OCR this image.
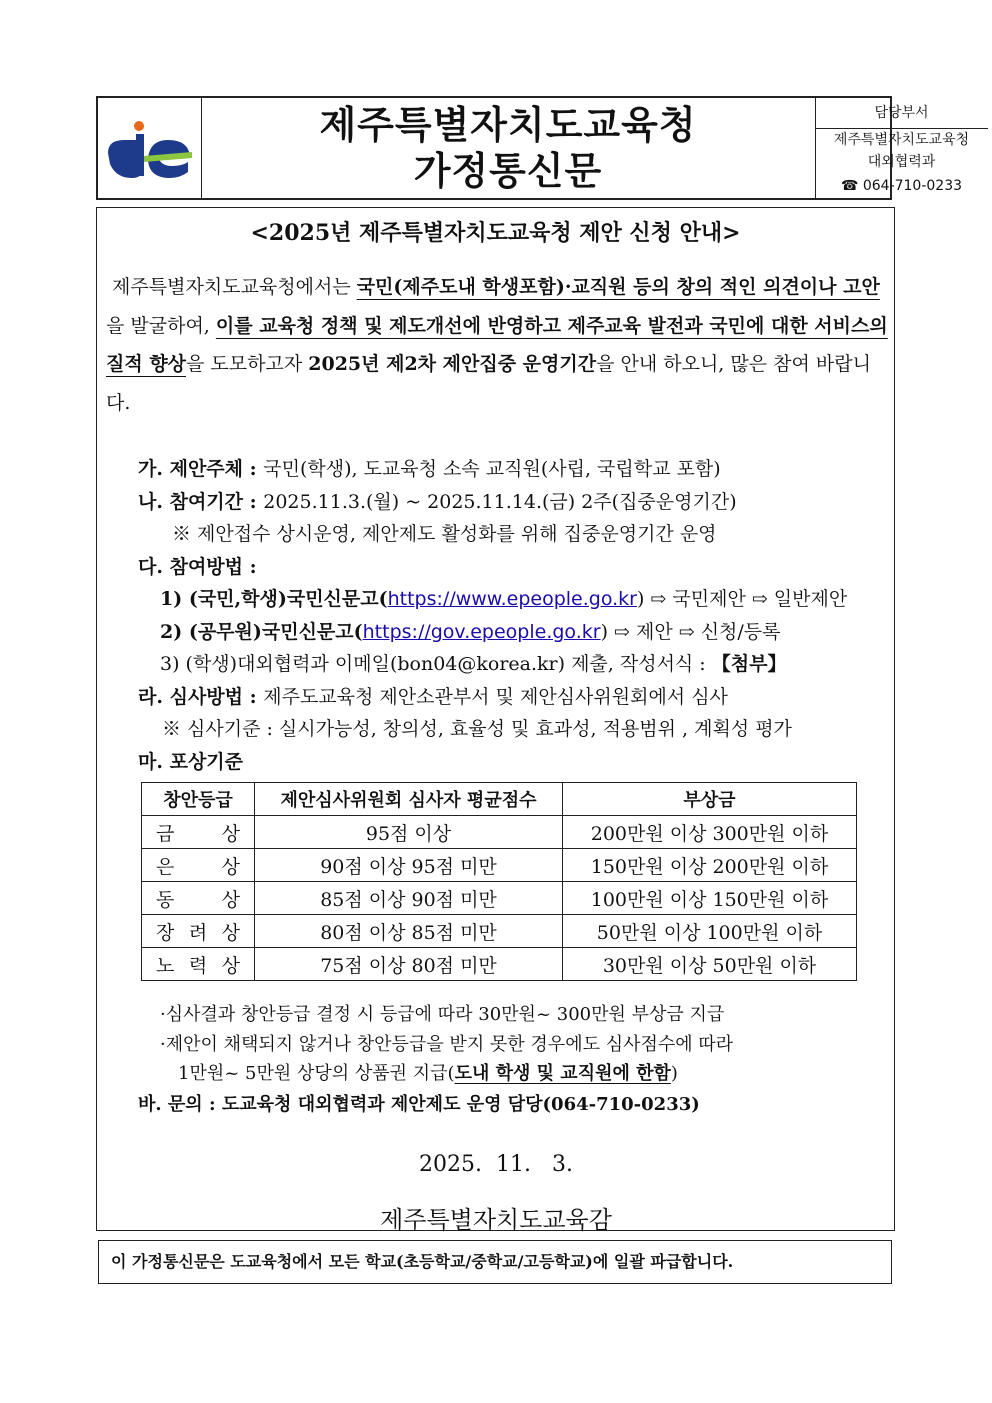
제주특별자치도교육청
가정통신문
담당부서
제주특별자치도교육청
대외협력과
☎ 064-710-0233
<2025년 제주특별자치도교육청 제안 신청 안내>
제주특별자치도교육청에서는 국민(제주도내 학생포함)·교직원 등의 창의 적인 의견이나 고안을 발굴하여, 이를 교육청 정책 및 제도개선에 반영하고 제주교육 발전과 국민에 대한 서비스의 질적 향상을 도모하고자 2025년 제2차 제안집중 운영기간을 안내 하오니, 많은 참여 바랍니다.
가. 제안주체 : 국민(학생), 도교육청 소속 교직원(사립, 국립학교 포함)
나. 참여기간 : 2025.11.3.(월) ~ 2025.11.14.(금) 2주(집중운영기간)
※ 제안접수 상시운영, 제안제도 활성화를 위해 집중운영기간 운영
다. 참여방법 :
1) (국민,학생)국민신문고(https://www.epeople.go.kr) ⇨ 국민제안 ⇨ 일반제안
2) (공무원)국민신문고(https://gov.epeople.go.kr) ⇨ 제안 ⇨ 신청/등록
3) (학생)대외협력과 이메일(bon04@korea.kr) 제출, 작성서식 : 【첨부】
라. 심사방법 : 제주도교육청 제안소관부서 및 제안심사위원회에서 심사
※ 심사기준 : 실시가능성, 창의성, 효율성 및 효과성, 적용범위 , 계획성 평가
마. 포상기준
창안등급	제안심사위원회 심사자 평균점수	부상금

금 상	95점 이상	200만원 이상 300만원 이하

은 상	90점 이상 95점 미만	150만원 이상 200만원 이하

동 상	85점 이상 90점 미만	100만원 이상 150만원 이하

장 려 상	80점 이상 85점 미만	50만원 이상 100만원 이하

노 력 상	75점 이상 80점 미만	30만원 이상 50만원 이하
·심사결과 창안등급 결정 시 등급에 따라 30만원~ 300만원 부상금 지급
·제안이 채택되지 않거나 창안등급을 받지 못한 경우에도 심사점수에 따라
1만원~ 5만원 상당의 상품권 지급(도내 학생 및 교직원에 한함)
바. 문의 : 도교육청 대외협력과 제안제도 운영 담당(064-710-0233)
2025.  11.   3.
제주특별자치도교육감
이 가정통신문은 도교육청에서 모든 학교(초등학교/중학교/고등학교)에 일괄 파급합니다.
